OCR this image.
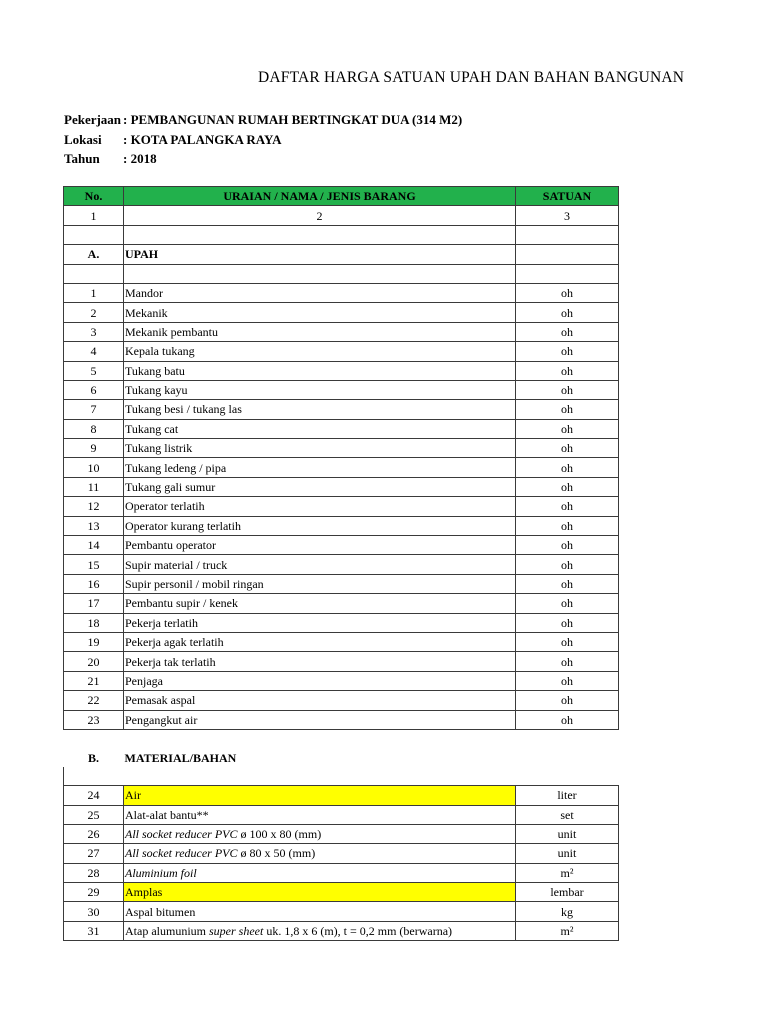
DAFTAR HARGA SATUAN UPAH DAN BAHAN BANGUNAN
Pekerjaan : PEMBANGUNAN RUMAH BERTINGKAT DUA (314 M2)
Lokasi : KOTA PALANGKA RAYA
Tahun : 2018
No.	URAIAN / NAMA / JENIS BARANG	SATUAN
1	2	3

A.	UPAH	

1	Mandor	oh
2	Mekanik	oh
3	Mekanik pembantu	oh
4	Kepala tukang	oh
5	Tukang batu	oh
6	Tukang kayu	oh
7	Tukang besi / tukang las	oh
8	Tukang cat	oh
9	Tukang listrik	oh
10	Tukang ledeng / pipa	oh
11	Tukang gali sumur	oh
12	Operator terlatih	oh
13	Operator kurang terlatih	oh
14	Pembantu operator	oh
15	Supir material / truck	oh
16	Supir personil / mobil ringan	oh
17	Pembantu supir / kenek	oh
18	Pekerja terlatih	oh
19	Pekerja agak terlatih	oh
20	Pekerja tak terlatih	oh
21	Penjaga	oh
22	Pemasak aspal	oh
23	Pengangkut air	oh

B.	MATERIAL/BAHAN	

24	Air	liter
25	Alat-alat bantu**	set
26	All socket reducer PVC ø 100 x 80 (mm)	unit
27	All socket reducer PVC ø 80 x 50 (mm)	unit
28	Aluminium foil	m²
29	Amplas	lembar
30	Aspal bitumen	kg
31	Atap alumunium super sheet uk. 1,8 x 6 (m), t = 0,2 mm (berwarna)	m²
